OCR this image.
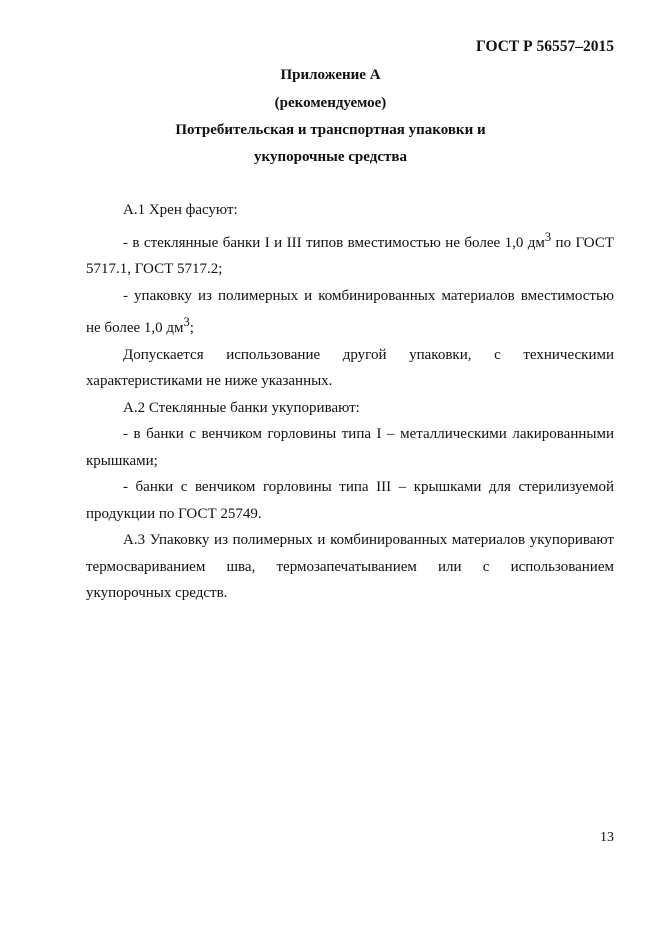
ГОСТ Р 56557–2015
Приложение А
(рекомендуемое)
Потребительская и транспортная упаковки и
укупорочные средства

А.1 Хрен фасуют:

- в стеклянные банки I и III типов вместимостью не более 1,0 $дм^3$ по ГОСТ 5717.1, ГОСТ 5717.2;

- упаковку из полимерных и комбинированных материалов вместимостью не более 1,0 $дм^3$;

Допускается использование другой упаковки, с техническими характеристиками не ниже указанных.

А.2 Стеклянные банки укупоривают:

- в банки с венчиком горловины типа I – металлическими лакированными крышками;

- банки с венчиком горловины типа III – крышками для стерилизуемой продукции по ГОСТ 25749.

А.3 Упаковку из полимерных и комбинированных материалов укупоривают термосвариванием шва, термозапечатыванием или с использованием укупорочных средств.

13
